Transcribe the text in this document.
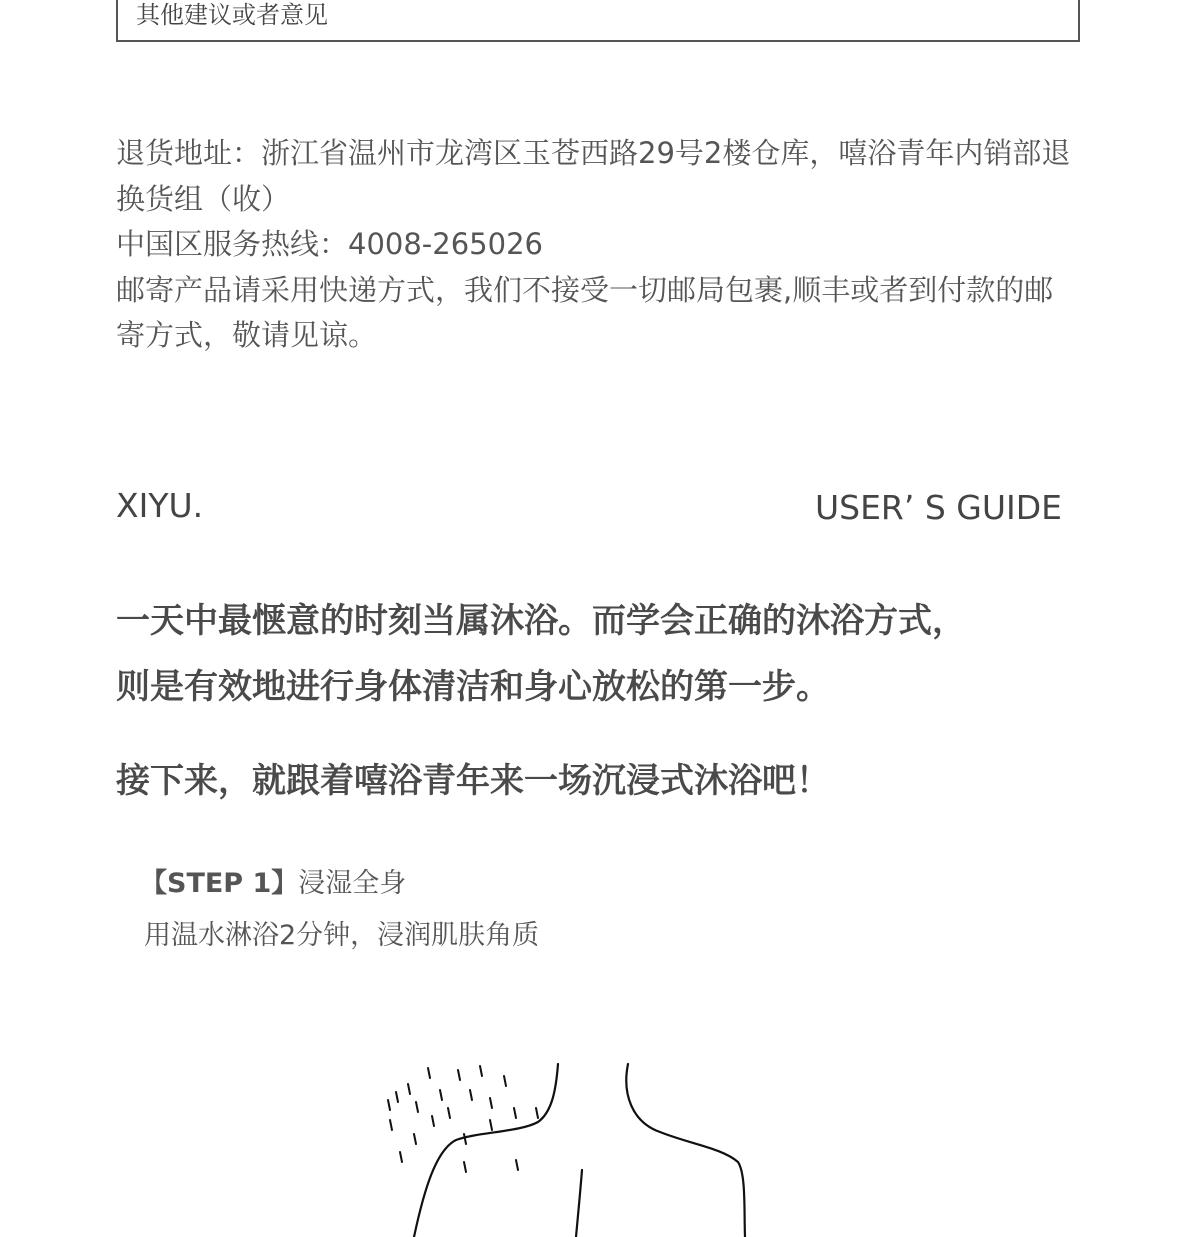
其他建议或者意见

退货地址：浙江省温州市龙湾区玉苍西路29号2楼仓库，嘻浴青年内销部退换货组（收）

中国区服务热线：4008-265026

邮寄产品请采用快递方式，我们不接受一切邮局包裹,顺丰或者到付款的邮寄方式，敬请见谅。

XIYU.	USER’ S GUIDE

一天中最惬意的时刻当属沐浴。而学会正确的沐浴方式，

则是有效地进行身体清洁和身心放松的第一步。

接下来，就跟着嘻浴青年来一场沉浸式沐浴吧！
【STEP 1】浸湿全身
用温水淋浴2分钟，浸润肌肤角质
